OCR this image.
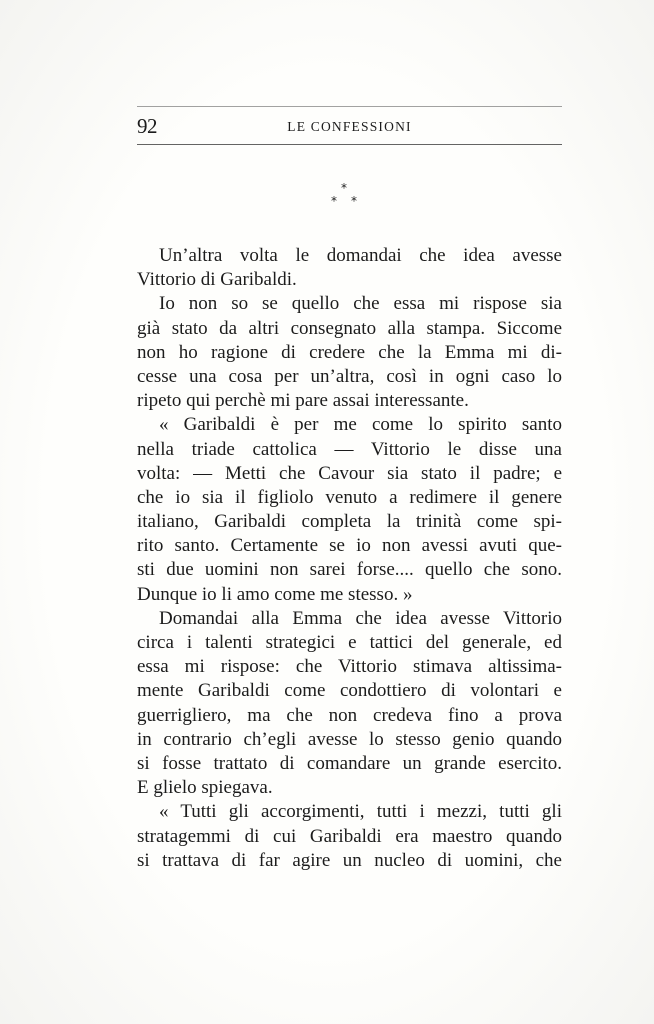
92	LE CONFESSIONI
*
* *
Un’altra volta le domandai che idea avesse
Vittorio di Garibaldi.
Io non so se quello che essa mi rispose sia
già stato da altri consegnato alla stampa. Siccome
non ho ragione di credere che la Emma mi di-
cesse una cosa per un’altra, così in ogni caso lo
ripeto qui perchè mi pare assai interessante.
« Garibaldi è per me come lo spirito santo
nella triade cattolica — Vittorio le disse una
volta: — Metti che Cavour sia stato il padre; e
che io sia il figliolo venuto a redimere il genere
italiano, Garibaldi completa la trinità come spi-
rito santo. Certamente se io non avessi avuti que-
sti due uomini non sarei forse.... quello che sono.
Dunque io li amo come me stesso. »
Domandai alla Emma che idea avesse Vittorio
circa i talenti strategici e tattici del generale, ed
essa mi rispose: che Vittorio stimava altissima-
mente Garibaldi come condottiero di volontari e
guerrigliero, ma che non credeva fino a prova
in contrario ch’egli avesse lo stesso genio quando
si fosse trattato di comandare un grande esercito.
E glielo spiegava.
« Tutti gli accorgimenti, tutti i mezzi, tutti gli
stratagemmi di cui Garibaldi era maestro quando
si trattava di far agire un nucleo di uomini, che
